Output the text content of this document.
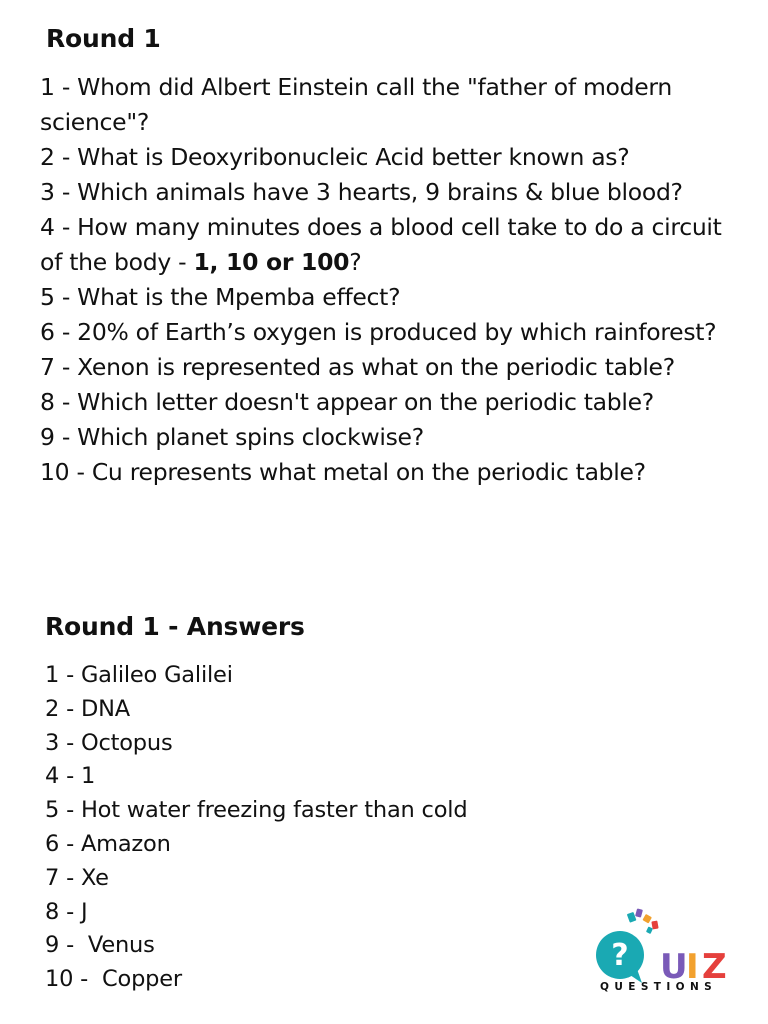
Round 1
1 - Whom did Albert Einstein call the "father of modern science"?
2 - What is Deoxyribonucleic Acid better known as?
3 - Which animals have 3 hearts, 9 brains & blue blood?
4 - How many minutes does a blood cell take to do a circuit of the body - 1, 10 or 100?
5 - What is the Mpemba effect?
6 - 20% of Earth’s oxygen is produced by which rainforest?
7 - Xenon is represented as what on the periodic table?
8 - Which letter doesn't appear on the periodic table?
9 - Which planet spins clockwise?
10 - Cu represents what metal on the periodic table?
Round 1 - Answers
1 - Galileo Galilei
2 - DNA
3 - Octopus
4 - 1
5 - Hot water freezing faster than cold
6 - Amazon
7 - Xe
8 - J
9 -  Venus
10 -  Copper
? U
I Z
QUESTIONS
